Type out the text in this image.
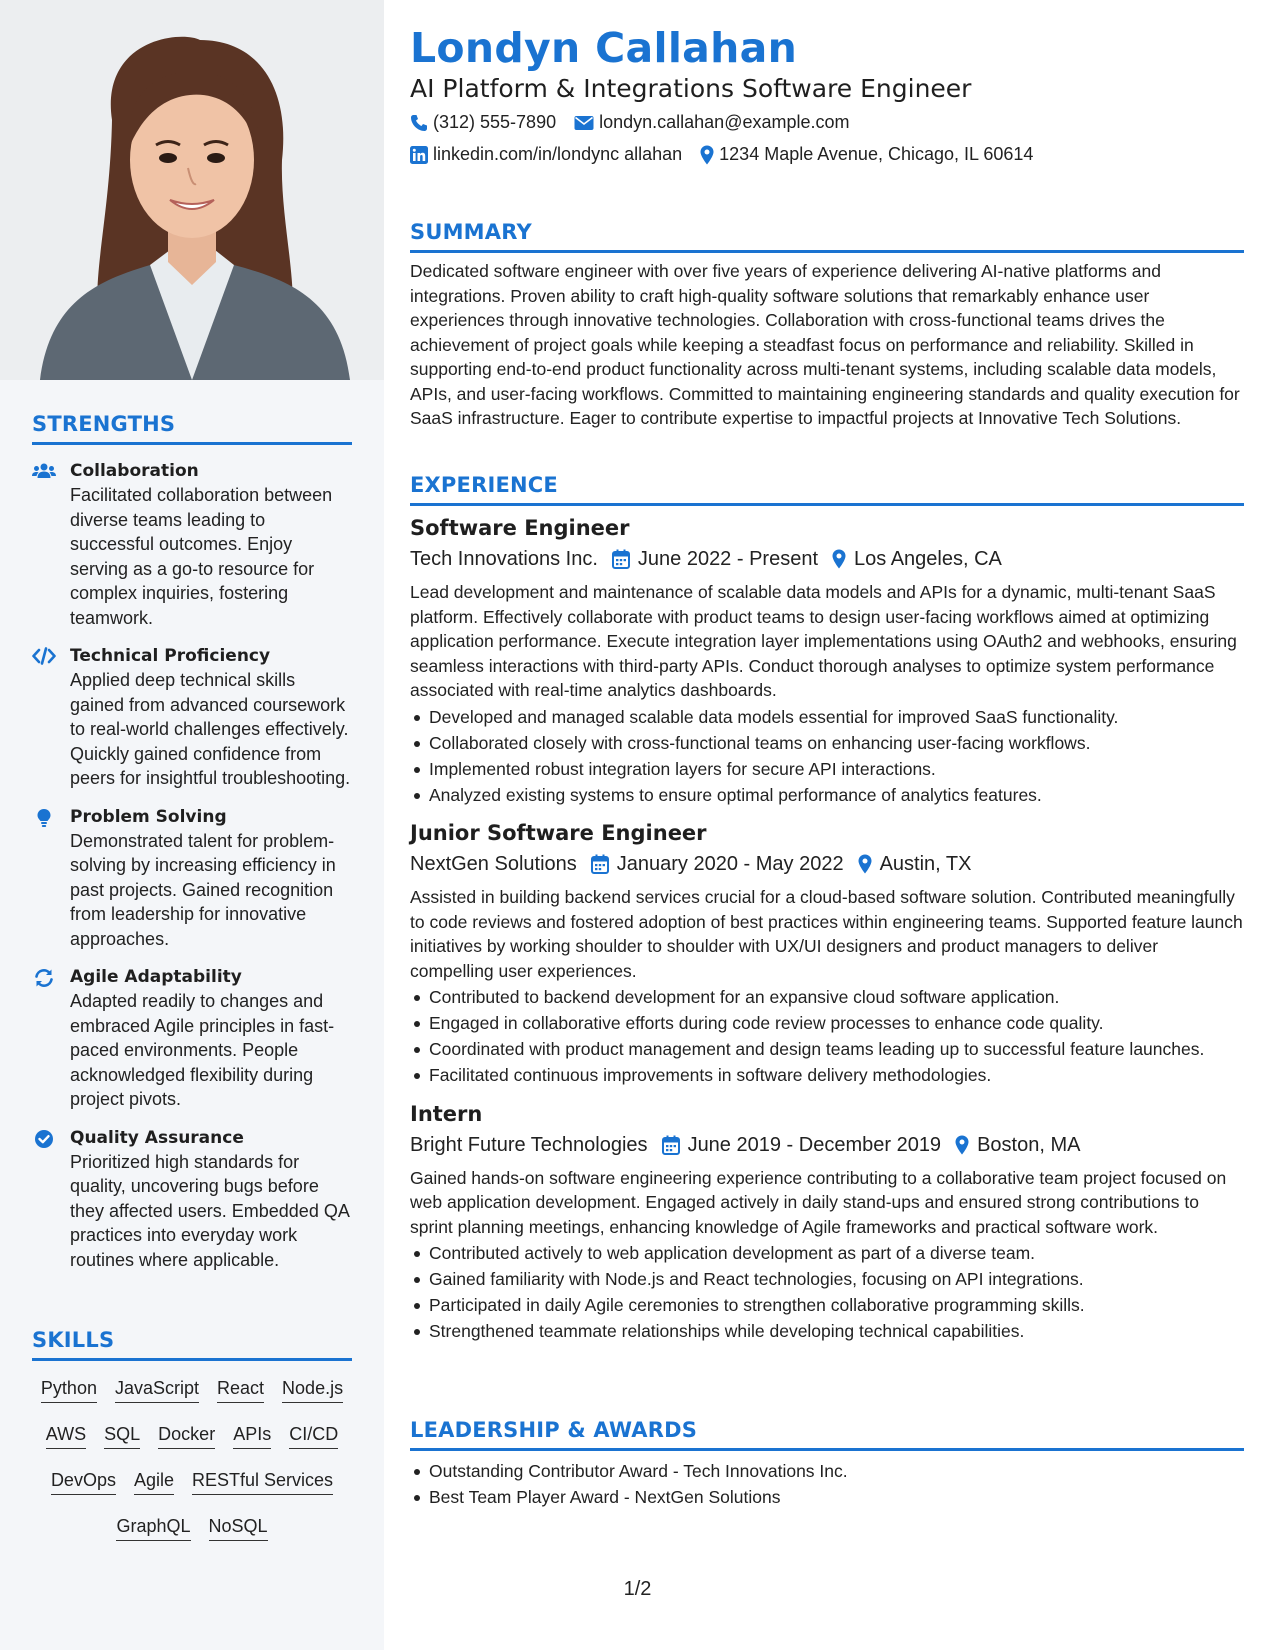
STRENGTHS
Collaboration
Facilitated collaboration between diverse teams leading to successful outcomes. Enjoy serving as a go-to resource for complex inquiries, fostering teamwork.
Technical Proficiency
Applied deep technical skills gained from advanced coursework to real-world challenges effectively. Quickly gained confidence from peers for insightful troubleshooting.
Problem Solving
Demonstrated talent for problem-solving by increasing efficiency in past projects. Gained recognition from leadership for innovative approaches.
Agile Adaptability
Adapted readily to changes and embraced Agile principles in fast-paced environments. People acknowledged flexibility during project pivots.
Quality Assurance
Prioritized high standards for quality, uncovering bugs before they affected users. Embedded QA practices into everyday work routines where applicable.
SKILLS
Python JavaScript React Node.js
AWS SQL Docker APIs CI/CD
DevOps Agile RESTful Services
GraphQL NoSQL
Londyn Callahan
AI Platform & Integrations Software Engineer
(312) 555-7890 londyn.callahan@example.com
linkedin.com/in/londync allahan 1234 Maple Avenue, Chicago, IL 60614
SUMMARY

Dedicated software engineer with over five years of experience delivering AI-native platforms and integrations. Proven ability to craft high-quality software solutions that remarkably enhance user experiences through innovative technologies. Collaboration with cross-functional teams drives the achievement of project goals while keeping a steadfast focus on performance and reliability. Skilled in supporting end-to-end product functionality across multi-tenant systems, including scalable data models, APIs, and user-facing workflows. Committed to maintaining engineering standards and quality execution for SaaS infrastructure. Eager to contribute expertise to impactful projects at Innovative Tech Solutions.

EXPERIENCE
Software Engineer
Tech Innovations Inc. June 2022 - Present Los Angeles, CA

Lead development and maintenance of scalable data models and APIs for a dynamic, multi-tenant SaaS platform. Effectively collaborate with product teams to design user-facing workflows aimed at optimizing application performance. Execute integration layer implementations using OAuth2 and webhooks, ensuring seamless interactions with third-party APIs. Conduct thorough analyses to optimize system performance associated with real-time analytics dashboards.

Developed and managed scalable data models essential for improved SaaS functionality.
Collaborated closely with cross-functional teams on enhancing user-facing workflows.
Implemented robust integration layers for secure API interactions.
Analyzed existing systems to ensure optimal performance of analytics features.
Junior Software Engineer
NextGen Solutions January 2020 - May 2022 Austin, TX

Assisted in building backend services crucial for a cloud-based software solution. Contributed meaningfully to code reviews and fostered adoption of best practices within engineering teams. Supported feature launch initiatives by working shoulder to shoulder with UX/UI designers and product managers to deliver compelling user experiences.

Contributed to backend development for an expansive cloud software application.
Engaged in collaborative efforts during code review processes to enhance code quality.
Coordinated with product management and design teams leading up to successful feature launches.
Facilitated continuous improvements in software delivery methodologies.
Intern
Bright Future Technologies June 2019 - December 2019 Boston, MA

Gained hands-on software engineering experience contributing to a collaborative team project focused on web application development. Engaged actively in daily stand-ups and ensured strong contributions to sprint planning meetings, enhancing knowledge of Agile frameworks and practical software work.

Contributed actively to web application development as part of a diverse team.
Gained familiarity with Node.js and React technologies, focusing on API integrations.
Participated in daily Agile ceremonies to strengthen collaborative programming skills.
Strengthened teammate relationships while developing technical capabilities.
LEADERSHIP & AWARDS
Outstanding Contributor Award - Tech Innovations Inc.
Best Team Player Award - NextGen Solutions
1/2
